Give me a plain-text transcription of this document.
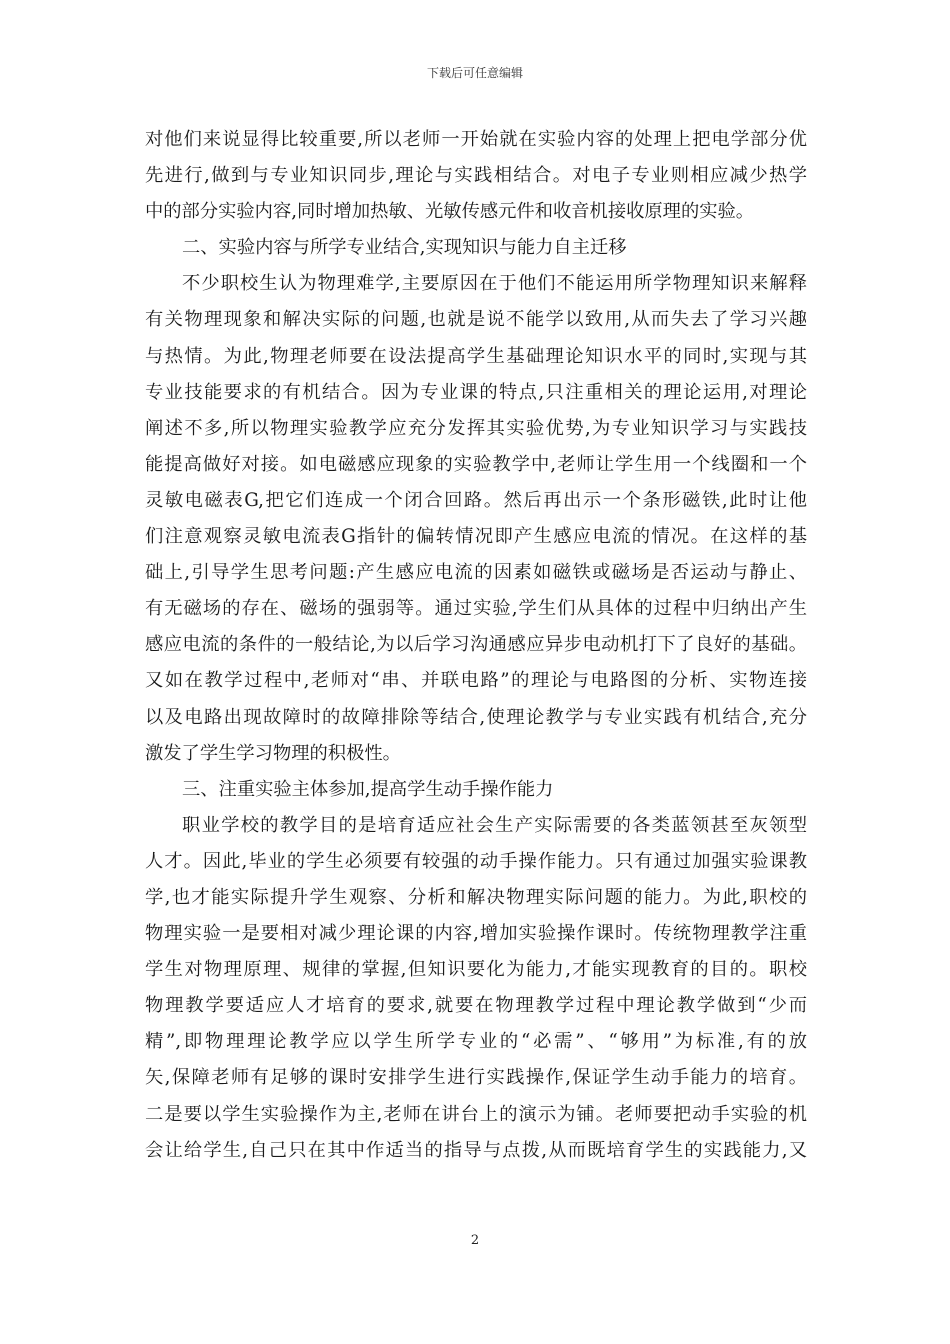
下载后可任意编辑
对他们来说显得比较重要,所以老师一开始就在实验内容的处理上把电学部分优
先进行,做到与专业知识同步,理论与实践相结合。对电子专业则相应减少热学
中的部分实验内容,同时增加热敏、光敏传感元件和收音机接收原理的实验。
二、实验内容与所学专业结合,实现知识与能力自主迁移
不少职校生认为物理难学,主要原因在于他们不能运用所学物理知识来解释
有关物理现象和解决实际的问题,也就是说不能学以致用,从而失去了学习兴趣
与热情。为此,物理老师要在设法提高学生基础理论知识水平的同时,实现与其
专业技能要求的有机结合。因为专业课的特点,只注重相关的理论运用,对理论
阐述不多,所以物理实验教学应充分发挥其实验优势,为专业知识学习与实践技
能提高做好对接。如电磁感应现象的实验教学中,老师让学生用一个线圈和一个
灵敏电磁表G,把它们连成一个闭合回路。然后再出示一个条形磁铁,此时让他
们注意观察灵敏电流表G指针的偏转情况即产生感应电流的情况。在这样的基
础上,引导学生思考问题:产生感应电流的因素如磁铁或磁场是否运动与静止、
有无磁场的存在、磁场的强弱等。通过实验,学生们从具体的过程中归纳出产生
感应电流的条件的一般结论,为以后学习沟通感应异步电动机打下了良好的基础。
又如在教学过程中,老师对“串、并联电路”的理论与电路图的分析、实物连接
以及电路出现故障时的故障排除等结合,使理论教学与专业实践有机结合,充分
激发了学生学习物理的积极性。
三、注重实验主体参加,提高学生动手操作能力
职业学校的教学目的是培育适应社会生产实际需要的各类蓝领甚至灰领型
人才。因此,毕业的学生必须要有较强的动手操作能力。只有通过加强实验课教
学,也才能实际提升学生观察、分析和解决物理实际问题的能力。为此,职校的
物理实验一是要相对减少理论课的内容,增加实验操作课时。传统物理教学注重
学生对物理原理、规律的掌握,但知识要化为能力,才能实现教育的目的。职校
物理教学要适应人才培育的要求,就要在物理教学过程中理论教学做到“少而
精”,即物理理论教学应以学生所学专业的“必需”、“够用”为标准,有的放
矢,保障老师有足够的课时安排学生进行实践操作,保证学生动手能力的培育。
二是要以学生实验操作为主,老师在讲台上的演示为铺。老师要把动手实验的机
会让给学生,自己只在其中作适当的指导与点拨,从而既培育学生的实践能力,又
2
